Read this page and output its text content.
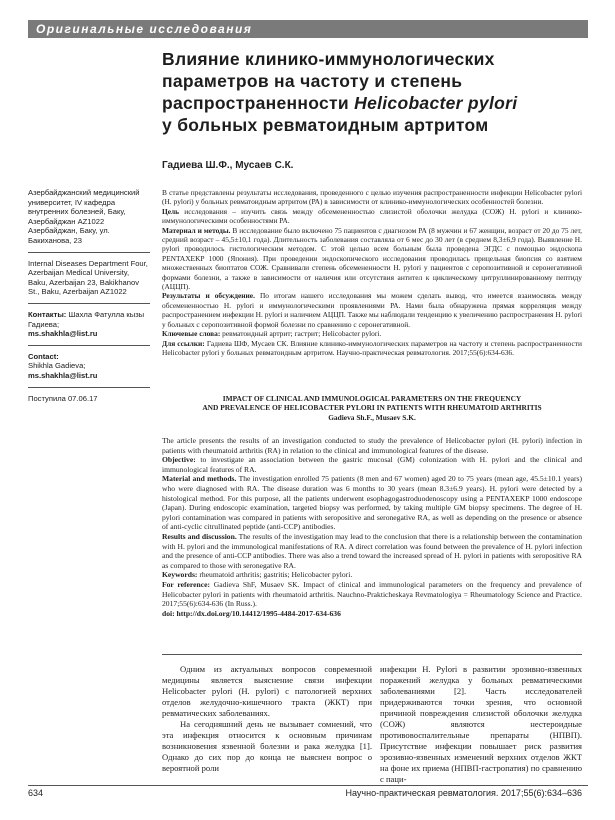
Оригинальные исследования
Влияние клинико-иммунологических
параметров на частоту и степень
распространенности Helicobacter pylori
у больных ревматоидным артритом
Гадиева Ш.Ф., Мусаев С.К.
Азербайджанский медицинский университет, IV кафедра внутренних болезней, Баку, Азербайджан AZ1022 Азербайджан, Баку, ул. Бакиханова, 23
Internal Diseases Department Four, Azerbaijan Medical University, Baku, Azerbaijan 23, Bakikhanov St., Baku, Azerbaijan AZ1022
Контакты: Шахла Фатулла кызы Гадиева;
ms.shakhla@list.ru
Contact:
Shikhla Gadieva;
ms.shakhla@list.ru
Поступила 07.06.17

В статье представлены результаты исследования, проведенного с целью изучения распространенности инфекции Helicobacter pylori (H. pylori) у больных ревматоидным артритом (РА) в зависимости от клинико-иммунологических особенностей болезни.

Цель исследования – изучить связь между обсемененностью слизистой оболочки желудка (СОЖ) H. pylori и клинико-иммунологическими особенностями РА.

Материал и методы. В исследование было включено 75 пациентов с диагнозом РА (8 мужчин и 67 женщин, возраст от 20 до 75 лет, средний возраст – 45,5±10,1 года). Длительность заболевания составляла от 6 мес до 30 лет (в среднем 8,3±6,9 года). Выявление H. pylori проводилось гистологическим методом. С этой целью всем больным была проведена ЭГДС с помощью эндоскопа PENTAXEKP 1000 (Япония). При проведении эндоскопического исследования проводилась прицельная биопсия со взятием множественных биоптатов СОЖ. Сравнивали степень обсемененности H. pylori у пациентов с серопозитивной и серонегативной формами болезни, а также в зависимости от наличия или отсутствия антител к циклическому цитруллинированному пептиду (АЦЦП).

Результаты и обсуждение. По итогам нашего исследования мы можем сделать вывод, что имеется взаимосвязь между обсемененностью H. pylori и иммунологическими проявлениями РА. Нами была обнаружена прямая корреляция между распространением инфекции H. pylori и наличием АЦЦП. Также мы наблюдали тенденцию к увеличению распространения H. pylori у больных с серопозитивной формой болезни по сравнению с серонегативной.

Ключевые слова: ревматоидный артрит; гастрит; Helicobacter pylori.

Для ссылки: Гадиева ШФ, Мусаев СК. Влияние клинико-иммунологических параметров на частоту и степень распространенности Helicobacter pylori у больных ревматоидным артритом. Научно-практическая ревматология. 2017;55(6):634-636.

IMPACT OF CLINICAL AND IMMUNOLOGICAL PARAMETERS ON THE FREQUENCY
AND PREVALENCE OF HELICOBACTER PYLORI IN PATIENTS WITH RHEUMATOID ARTHRITIS
Gadieva Sh.F., Musaev S.K.

The article presents the results of an investigation conducted to study the prevalence of Helicobacter pylori (H. pylori) infection in patients with rheumatoid arthritis (RA) in relation to the clinical and immunological features of the disease.

Objective: to investigate an association between the gastric mucosal (GM) colonization with H. pylori and the clinical and immunological features of RA.

Material and methods. The investigation enrolled 75 patients (8 men and 67 women) aged 20 to 75 years (mean age, 45.5±10.1 years) who were diagnosed with RA. The disease duration was 6 months to 30 years (mean 8.3±6.9 years). H. pylori were detected by a histological method. For this purpose, all the patients underwent esophagogastroduodenoscopy using a PENTAXEKP 1000 endoscope (Japan). During endoscopic examination, targeted biopsy was performed, by taking multiple GM biopsy specimens. The degree of H. pylori contamination was compared in patients with seropositive and seronegative RA, as well as depending on the presence or absence of anti-cyclic citrullinated peptide (anti-CCP) antibodies.

Results and discussion. The results of the investigation may lead to the conclusion that there is a relationship between the contamination with H. pylori and the immunological manifestations of RA. A direct correlation was found between the prevalence of H. pylori infection and the presence of anti-CCP antibodies. There was also a trend toward the increased spread of H. pylori in patients with seropositive RA as compared to those with seronegative RA.

Keywords: rheumatoid arthritis; gastritis; Helicobacter pylori.

For reference: Gadieva ShF, Musaev SK. Impact of clinical and immunological parameters on the frequency and prevalence of Helicobacter pylori in patients with rheumatoid arthritis. Nauchno-Prakticheskaya Revmatologiya = Rheumatology Science and Practice. 2017;55(6):634-636 (In Russ.).

doi: http://dx.doi.org/10.14412/1995-4484-2017-634-636

Одним из актуальных вопросов современной медицины является выяснение связи инфекции Helicobacter pylori (H. pylori) с патологией верхних отделов желудочно-кишечного тракта (ЖКТ) при ревматических заболеваниях.

На сегодняшний день не вызывает сомнений, что эта инфекция относится к основным причинам возникновения язвенной болезни и рака желудка [1]. Однако до сих пор до конца не выяснен вопрос о вероятной роли

инфекции H. Pylori в развитии эрозивно-язвенных поражений желудка у больных ревматическими заболеваниями [2]. Часть исследователей придерживаются точки зрения, что основной причиной повреждения слизистой оболочки желудка (СОЖ) являются нестероидные противовоспалительные препараты (НПВП). Присутствие инфекции повышает риск развития эрозивно-язвенных изменений верхних отделов ЖКТ на фоне их приема (НПВП-гастропатия) по сравнению с паци-

634	Научно-практическая ревматология. 2017;55(6):634–636
